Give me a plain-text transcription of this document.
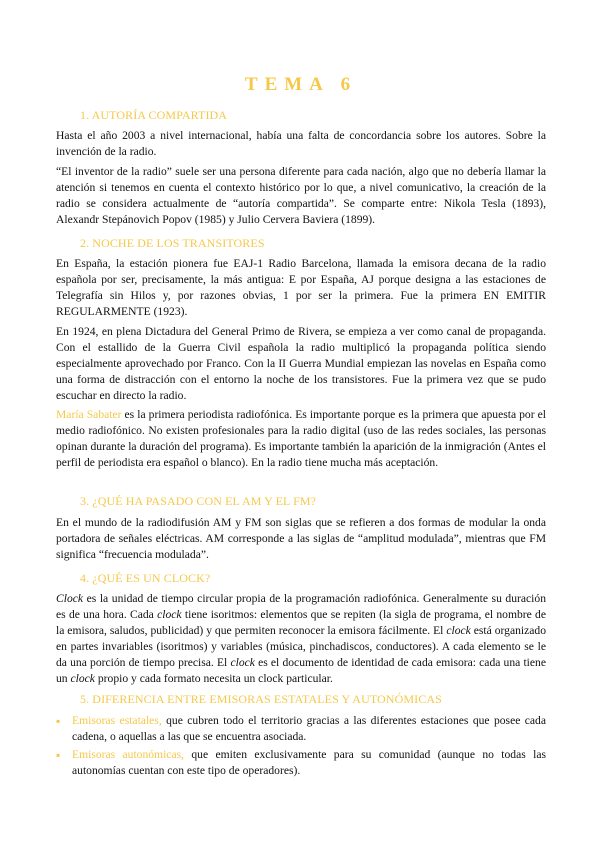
TEMA 6
1. AUTORÍA COMPARTIDA

Hasta el año 2003 a nivel internacional, había una falta de concordancia sobre los autores. Sobre la invención de la radio.

“El inventor de la radio” suele ser una persona diferente para cada nación, algo que no debería llamar la atención si tenemos en cuenta el contexto histórico por lo que, a nivel comunicativo, la creación de la radio se considera actualmente de “autoría compartida”. Se comparte entre: Nikola Tesla (1893), Alexandr Stepánovich Popov (1985) y Julio Cervera Baviera (1899).

2. NOCHE DE LOS TRANSITORES

En España, la estación pionera fue EAJ-1 Radio Barcelona, llamada la emisora decana de la radio española por ser, precisamente, la más antigua: E por España, AJ porque designa a las estaciones de Telegrafía sin Hilos y, por razones obvias, 1 por ser la primera. Fue la primera EN EMITIR REGULARMENTE (1923).

En 1924, en plena Dictadura del General Primo de Rivera, se empieza a ver como canal de propaganda. Con el estallido de la Guerra Civil española la radio multiplicó la propaganda política siendo especialmente aprovechado por Franco. Con la II Guerra Mundial empiezan las novelas en España como una forma de distracción con el entorno la noche de los transistores. Fue la primera vez que se pudo escuchar en directo la radio.

María Sabater es la primera periodista radiofónica. Es importante porque es la primera que apuesta por el medio radiofónico. No existen profesionales para la radio digital (uso de las redes sociales, las personas opinan durante la duración del programa). Es importante también la aparición de la inmigración (Antes el perfil de periodista era español o blanco). En la radio tiene mucha más aceptación.

3. ¿QUÉ HA PASADO CON EL AM Y EL FM?

En el mundo de la radiodifusión AM y FM son siglas que se refieren a dos formas de modular la onda portadora de señales eléctricas. AM corresponde a las siglas de “amplitud modulada”, mientras que FM significa “frecuencia modulada”.

4. ¿QUÉ ES UN CLOCK?

Clock es la unidad de tiempo circular propia de la programación radiofónica. Generalmente su duración es de una hora. Cada clock tiene isoritmos: elementos que se repiten (la sigla de programa, el nombre de la emisora, saludos, publicidad) y que permiten reconocer la emisora fácilmente. El clock está organizado en partes invariables (isoritmos) y variables (música, pinchadiscos, conductores). A cada elemento se le da una porción de tiempo precisa. El clock es el documento de identidad de cada emisora: cada una tiene un clock propio y cada formato necesita un clock particular.

5. DIFERENCIA ENTRE EMISORAS ESTATALES Y AUTONÓMICAS
▪ Emisoras estatales, que cubren todo el territorio gracias a las diferentes estaciones que posee cada cadena, o aquellas a las que se encuentra asociada.
▪ Emisoras autonómicas, que emiten exclusivamente para su comunidad (aunque no todas las autonomías cuentan con este tipo de operadores).
